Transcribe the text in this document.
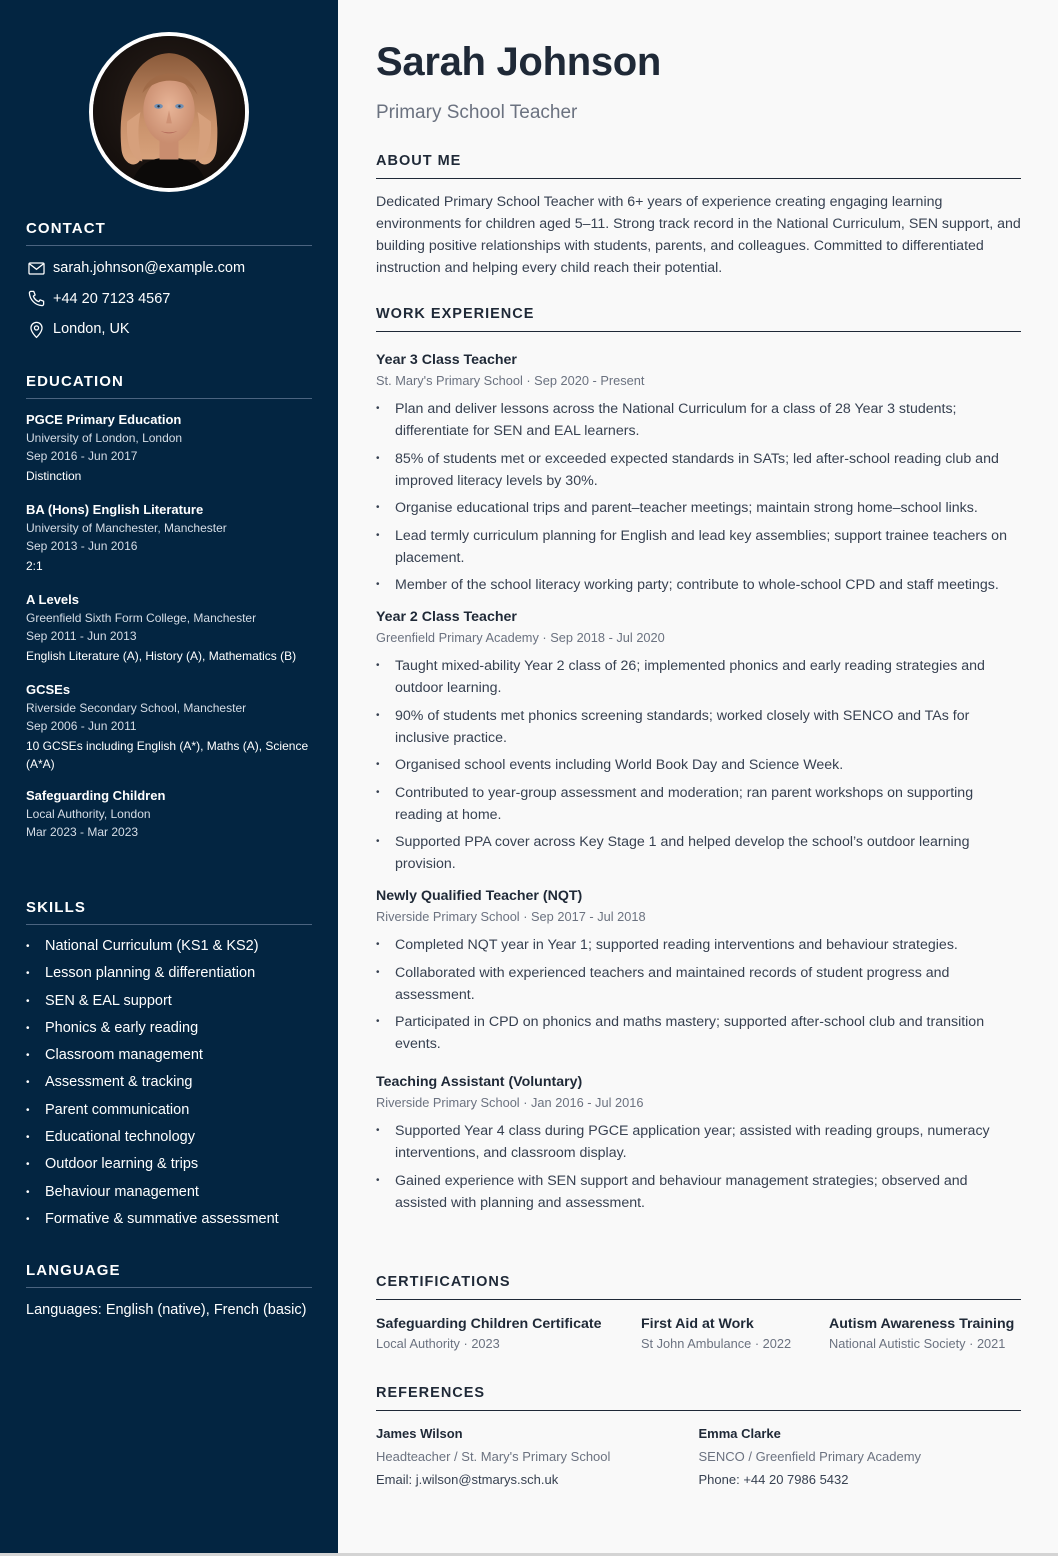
CONTACT
sarah.johnson@example.com
+44 20 7123 4567
London, UK
EDUCATION
PGCE Primary Education
University of London, London
Sep 2016 - Jun 2017
Distinction
BA (Hons) English Literature
University of Manchester, Manchester
Sep 2013 - Jun 2016
2:1
A Levels
Greenfield Sixth Form College, Manchester
Sep 2011 - Jun 2013
English Literature (A), History (A), Mathematics (B)
GCSEs
Riverside Secondary School, Manchester
Sep 2006 - Jun 2011
10 GCSEs including English (A*), Maths (A), Science (A*A)
Safeguarding Children
Local Authority, London
Mar 2023 - Mar 2023
SKILLS
•	National Curriculum (KS1 & KS2)
•	Lesson planning & differentiation
•	SEN & EAL support
•	Phonics & early reading
•	Classroom management
•	Assessment & tracking
•	Parent communication
•	Educational technology
•	Outdoor learning & trips
•	Behaviour management
•	Formative & summative assessment
LANGUAGE
Languages: English (native), French (basic)
Sarah Johnson
Primary School Teacher
ABOUT ME

Dedicated Primary School Teacher with 6+ years of experience creating engaging learning environments for children aged 5–11. Strong track record in the National Curriculum, SEN support, and building positive relationships with students, parents, and colleagues. Committed to differentiated instruction and helping every child reach their potential.

WORK EXPERIENCE
Year 3 Class Teacher
St. Mary's Primary School · Sep 2020 - Present
•	Plan and deliver lessons across the National Curriculum for a class of 28 Year 3 students; differentiate for SEN and EAL learners.
•	85% of students met or exceeded expected standards in SATs; led after-school reading club and improved literacy levels by 30%.
•	Organise educational trips and parent–teacher meetings; maintain strong home–school links.
•	Lead termly curriculum planning for English and lead key assemblies; support trainee teachers on placement.
•	Member of the school literacy working party; contribute to whole-school CPD and staff meetings.
Year 2 Class Teacher
Greenfield Primary Academy · Sep 2018 - Jul 2020
•	Taught mixed-ability Year 2 class of 26; implemented phonics and early reading strategies and outdoor learning.
•	90% of students met phonics screening standards; worked closely with SENCO and TAs for inclusive practice.
•	Organised school events including World Book Day and Science Week.
•	Contributed to year-group assessment and moderation; ran parent workshops on supporting reading at home.
•	Supported PPA cover across Key Stage 1 and helped develop the school’s outdoor learning provision.
Newly Qualified Teacher (NQT)
Riverside Primary School · Sep 2017 - Jul 2018
•	Completed NQT year in Year 1; supported reading interventions and behaviour strategies.
•	Collaborated with experienced teachers and maintained records of student progress and assessment.
•	Participated in CPD on phonics and maths mastery; supported after-school club and transition events.
Teaching Assistant (Voluntary)
Riverside Primary School · Jan 2016 - Jul 2016
•	Supported Year 4 class during PGCE application year; assisted with reading groups, numeracy interventions, and classroom display.
•	Gained experience with SEN support and behaviour management strategies; observed and assisted with planning and assessment.
CERTIFICATIONS
Safeguarding Children Certificate
Local Authority · 2023
First Aid at Work
St John Ambulance · 2022
Autism Awareness Training
National Autistic Society · 2021
REFERENCES
James Wilson
Headteacher / St. Mary's Primary School
Email: j.wilson@stmarys.sch.uk
Emma Clarke
SENCO / Greenfield Primary Academy
Phone: +44 20 7986 5432
